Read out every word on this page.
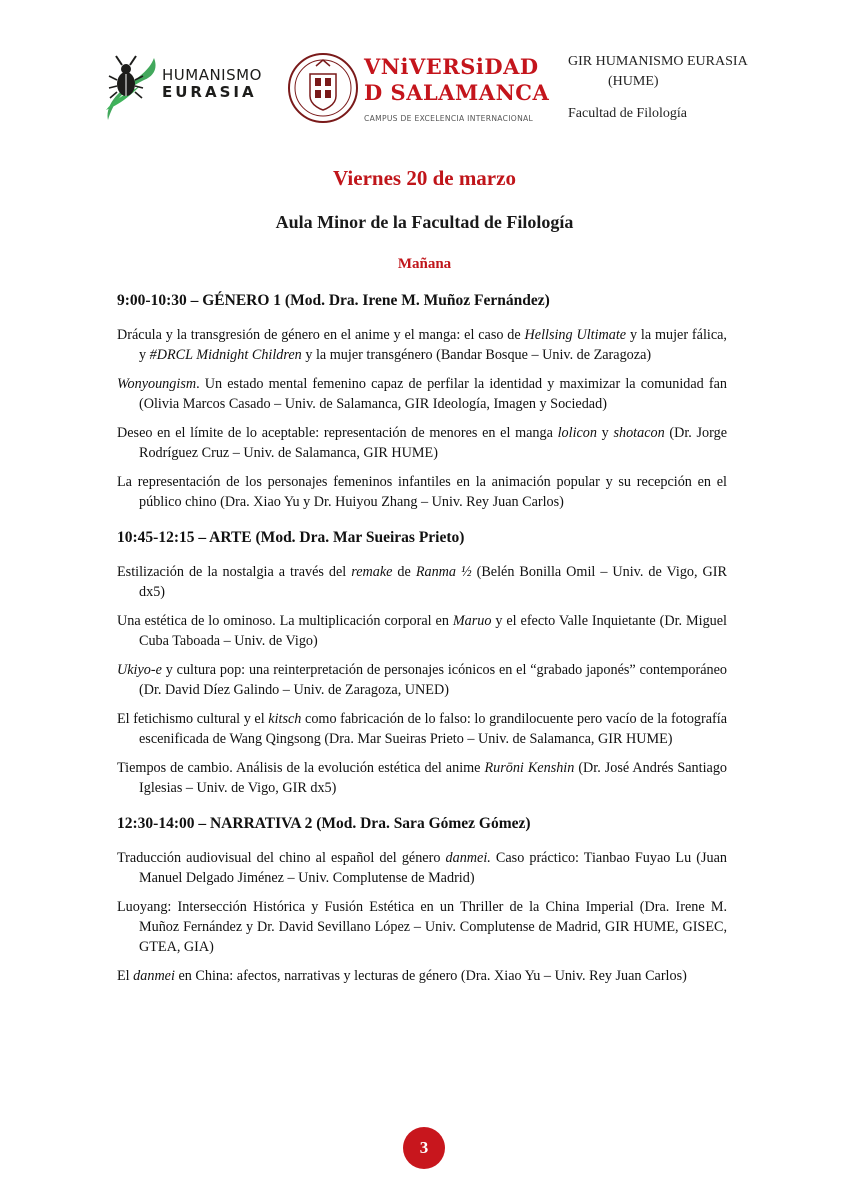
HUMANISMO
EURASIA
VNiVERSiDAD
D SALAMANCA
CAMPUS DE EXCELENCIA INTERNACIONAL
GIR HUMANISMO EURASIA
(HUME)
Facultad de Filología
Viernes 20 de marzo
Aula Minor de la Facultad de Filología
Mañana
9:00-10:30 – GÉNERO 1 (Mod. Dra. Irene M. Muñoz Fernández)
Drácula y la transgresión de género en el anime y el manga: el caso de Hellsing Ultimate y la mujer fálica, y #DRCL Midnight Children y la mujer transgénero (Bandar Bosque – Univ. de Zaragoza)
Wonyoungism. Un estado mental femenino capaz de perfilar la identidad y maximizar la comunidad fan (Olivia Marcos Casado – Univ. de Salamanca, GIR Ideología, Imagen y Sociedad)
Deseo en el límite de lo aceptable: representación de menores en el manga lolicon y shotacon (Dr. Jorge Rodríguez Cruz – Univ. de Salamanca, GIR HUME)
La representación de los personajes femeninos infantiles en la animación popular y su recepción en el público chino (Dra. Xiao Yu y Dr. Huiyou Zhang – Univ. Rey Juan Carlos)
10:45-12:15 – ARTE (Mod. Dra. Mar Sueiras Prieto)
Estilización de la nostalgia a través del remake de Ranma ½ (Belén Bonilla Omil – Univ. de Vigo, GIR dx5)
Una estética de lo ominoso. La multiplicación corporal en Maruo y el efecto Valle Inquietante (Dr. Miguel Cuba Taboada – Univ. de Vigo)
Ukiyo-e y cultura pop: una reinterpretación de personajes icónicos en el “grabado japonés” contemporáneo (Dr. David Díez Galindo – Univ. de Zaragoza, UNED)
El fetichismo cultural y el kitsch como fabricación de lo falso: lo grandilocuente pero vacío de la fotografía escenificada de Wang Qingsong (Dra. Mar Sueiras Prieto – Univ. de Salamanca, GIR HUME)
Tiempos de cambio. Análisis de la evolución estética del anime Rurōni Kenshin (Dr. José Andrés Santiago Iglesias – Univ. de Vigo, GIR dx5)
12:30-14:00 – NARRATIVA 2 (Mod. Dra. Sara Gómez Gómez)
Traducción audiovisual del chino al español del género danmei. Caso práctico: Tianbao Fuyao Lu (Juan Manuel Delgado Jiménez – Univ. Complutense de Madrid)
Luoyang: Intersección Histórica y Fusión Estética en un Thriller de la China Imperial (Dra. Irene M. Muñoz Fernández y Dr. David Sevillano López – Univ. Complutense de Madrid, GIR HUME, GISEC, GTEA, GIA)
El danmei en China: afectos, narrativas y lecturas de género (Dra. Xiao Yu – Univ. Rey Juan Carlos)
3
